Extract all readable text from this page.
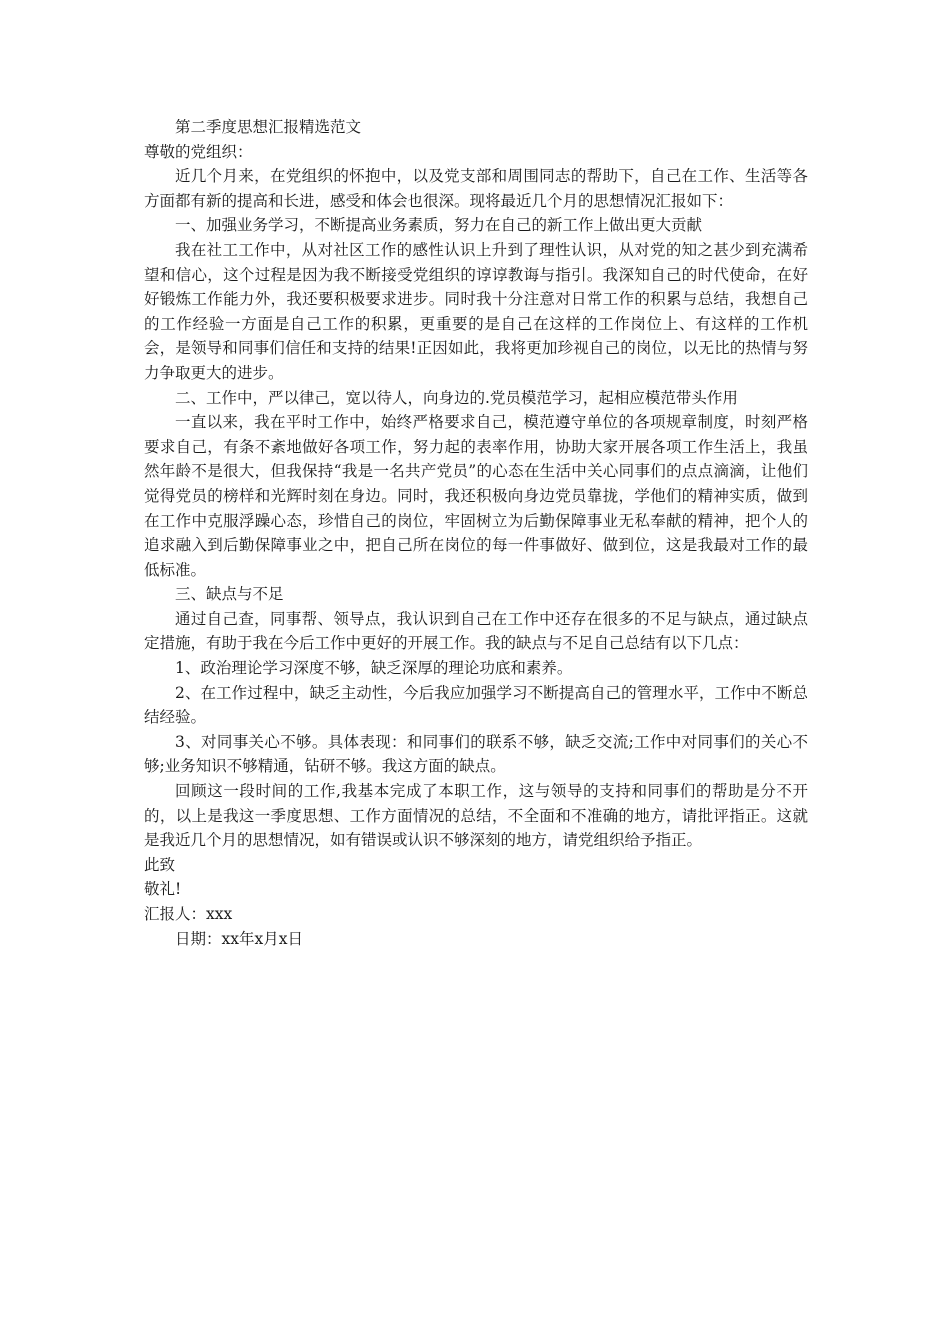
第二季度思想汇报精选范文
尊敬的党组织：
近几个月来，在党组织的怀抱中，以及党支部和周围同志的帮助下，自己在工作、生活等各方面都有新的提高和长进，感受和体会也很深。现将最近几个月的思想情况汇报如下：
一、加强业务学习，不断提高业务素质，努力在自己的新工作上做出更大贡献
我在社工工作中，从对社区工作的感性认识上升到了理性认识，从对党的知之甚少到充满希望和信心，这个过程是因为我不断接受党组织的谆谆教诲与指引。我深知自己的时代使命，在好好锻炼工作能力外，我还要积极要求进步。同时我十分注意对日常工作的积累与总结，我想自己的工作经验一方面是自己工作的积累，更重要的是自己在这样的工作岗位上、有这样的工作机会，是领导和同事们信任和支持的结果!正因如此，我将更加珍视自己的岗位，以无比的热情与努力争取更大的进步。
二、工作中，严以律己，宽以待人，向身边的.党员模范学习，起相应模范带头作用
一直以来，我在平时工作中，始终严格要求自己，模范遵守单位的各项规章制度，时刻严格要求自己，有条不紊地做好各项工作，努力起的表率作用，协助大家开展各项工作生活上，我虽然年龄不是很大，但我保持“我是一名共产党员”的心态在生活中关心同事们的点点滴滴，让他们觉得党员的榜样和光辉时刻在身边。同时，我还积极向身边党员靠拢，学他们的精神实质，做到在工作中克服浮躁心态，珍惜自己的岗位，牢固树立为后勤保障事业无私奉献的精神，把个人的追求融入到后勤保障事业之中，把自己所在岗位的每一件事做好、做到位，这是我最对工作的最低标准。
三、缺点与不足
通过自己查，同事帮、领导点，我认识到自己在工作中还存在很多的不足与缺点，通过缺点定措施，有助于我在今后工作中更好的开展工作。我的缺点与不足自己总结有以下几点：
1、政治理论学习深度不够，缺乏深厚的理论功底和素养。
2、在工作过程中，缺乏主动性，今后我应加强学习不断提高自己的管理水平，工作中不断总结经验。
3、对同事关心不够。具体表现：和同事们的联系不够，缺乏交流;工作中对同事们的关心不够;业务知识不够精通，钻研不够。我这方面的缺点。
回顾这一段时间的工作,我基本完成了本职工作，这与领导的支持和同事们的帮助是分不开的，以上是我这一季度思想、工作方面情况的总结，不全面和不准确的地方，请批评指正。这就是我近几个月的思想情况，如有错误或认识不够深刻的地方，请党组织给予指正。
此致
敬礼!
汇报人：xxx
日期：xx年x月x日
